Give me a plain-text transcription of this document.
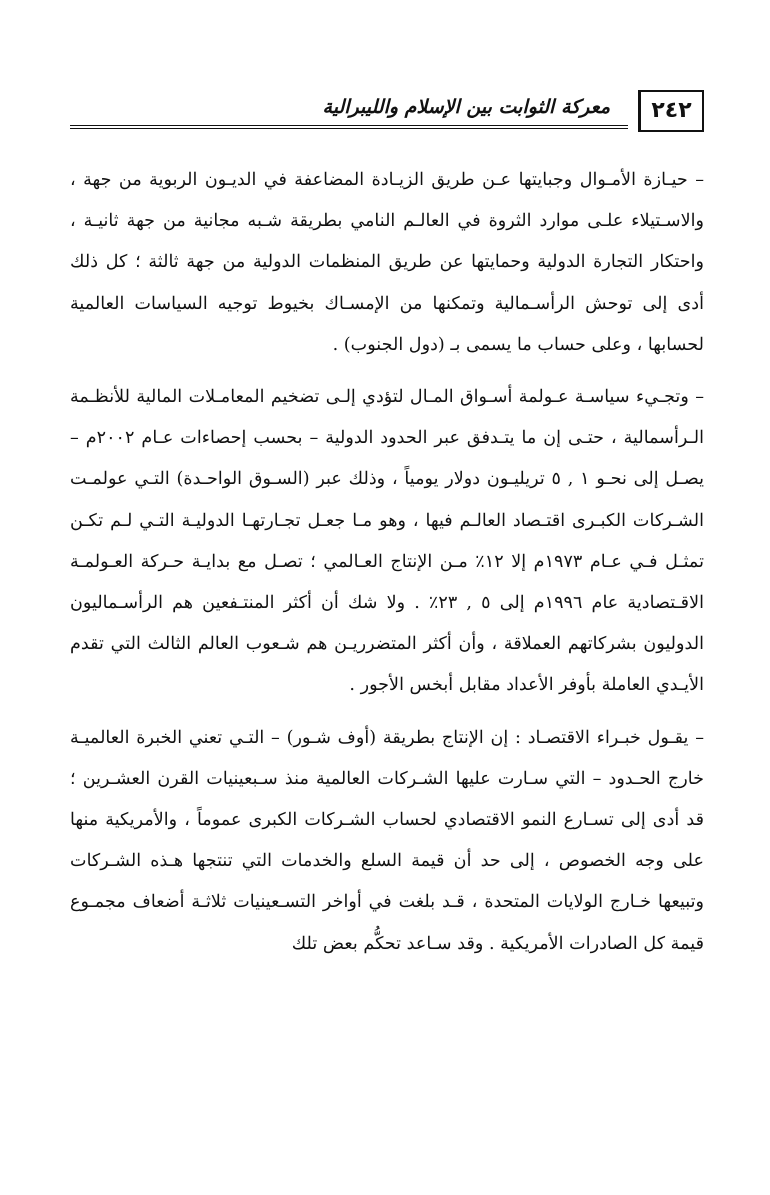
معركة الثوابت بين الإسلام والليبرالية	٢٤٢

– حيـازة الأمـوال وجبايتها عـن طريق الزيـادة المضاعفة في الديـون الربوية من جهة ، والاسـتيلاء علـى موارد الثروة في العالـم النامي بطريقة شـبه مجانية من جهة ثانيـة ، واحتكار التجارة الدولية وحمايتها عن طريق المنظمات الدولية من جهة ثالثة ؛ كل ذلك أدى إلى توحش الرأسـمالية وتمكنها من الإمسـاك بخيوط توجيه السياسات العالمية لحسابها ، وعلى حساب ما يسمى بـ (دول الجنوب) .

– وتجـيء سياسـة عـولمة أسـواق المـال لتؤدي إلـى تضخيم المعامـلات المالية للأنظـمة الـرأسمالية ، حتـى إن ما يتـدفق عبر الحدود الدولية – بحسب إحصاءات عـام ٢٠٠٢م – يصـل إلى نحـو ١ , ٥ تريليـون دولار يومياً ، وذلك عبر (السـوق الواحـدة) التـي عولمـت الشـركات الكبـرى اقتـصاد العالـم فيها ، وهو مـا جعـل تجـارتهـا الدوليـة التـي لـم تكـن تمثـل فـي عـام ١٩٧٣م إلا ١٢٪ مـن الإنتاج العـالمي ؛ تصـل مع بدايـة حـركة العـولمـة الاقـتصادية عام ١٩٩٦م إلى ٥ , ٢٣٪ . ولا شك أن أكثر المنتـفعين هم الرأسـماليون الدوليون بشركاتهم العملاقة ، وأن أكثر المتضرريـن هم شـعوب العالم الثالث التي تقدم الأيـدي العاملة بأوفر الأعداد مقابل أبخس الأجور .

– يقـول خبـراء الاقتصـاد : إن الإنتاج بطريقة (أوف شـور) – التـي تعني الخبرة العالميـة خارج الحـدود – التي سـارت عليها الشـركات العالمية منذ سـبعينيات القرن العشـرين ؛ قد أدى إلى تسـارع النمو الاقتصادي لحساب الشـركات الكبرى عموماً ، والأمريكية منها على وجه الخصوص ، إلى حد أن قيمة السلع والخدمات التي تنتجها هـذه الشـركات وتبيعها خـارج الولايات المتحدة ، قـد بلغت في أواخر التسـعينيات ثلاثـة أضعاف مجمـوع قيمة كل الصادرات الأمريكية . وقد سـاعد تحكُّم بعض تلك
